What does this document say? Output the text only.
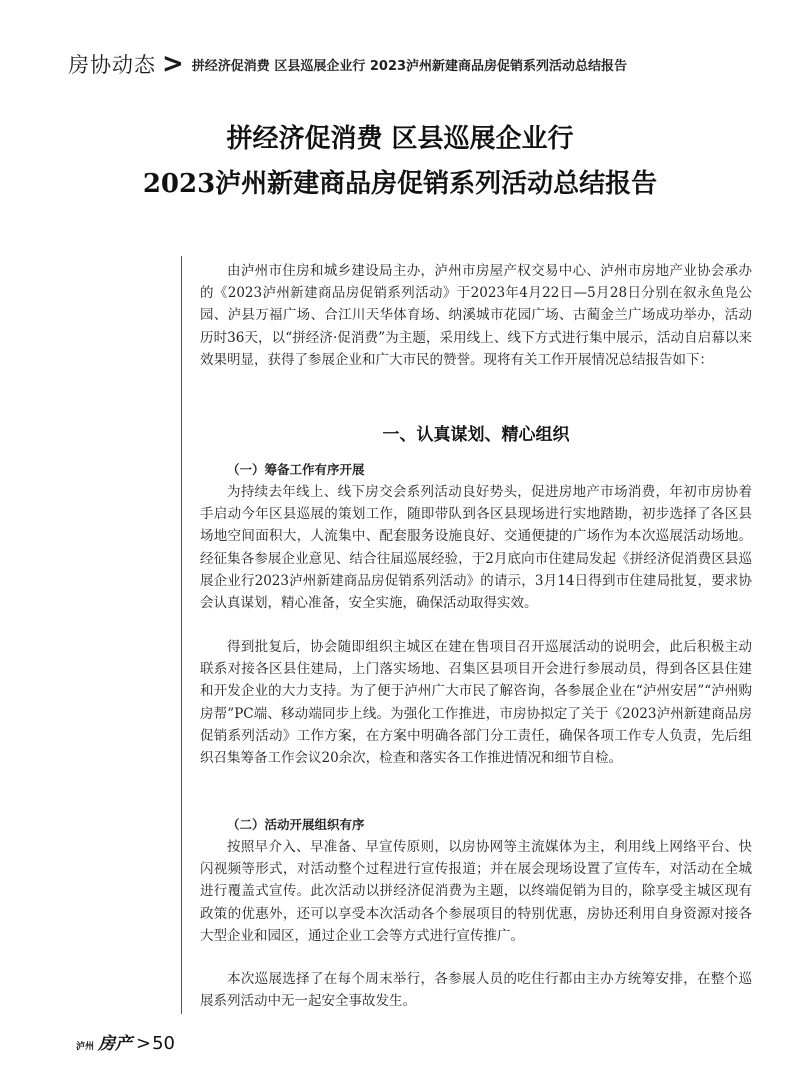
房协动态 > 拼经济促消费 区县巡展企业行 2023泸州新建商品房促销系列活动总结报告
拼经济促消费 区县巡展企业行
2023泸州新建商品房促销系列活动总结报告

由泸州市住房和城乡建设局主办，泸州市房屋产权交易中心、泸州市房地产业协会承办的《2023泸州新建商品房促销系列活动》于2023年4月22日—5月28日分别在叙永鱼凫公园、泸县万福广场、合江川天华体育场、纳溪城市花园广场、古蔺金兰广场成功举办，活动历时36天，以“拼经济·促消费”为主题，采用线上、线下方式进行集中展示，活动自启幕以来效果明显，获得了参展企业和广大市民的赞誉。现将有关工作开展情况总结报告如下：

一、认真谋划、精心组织
（一）筹备工作有序开展

为持续去年线上、线下房交会系列活动良好势头，促进房地产市场消费，年初市房协着手启动今年区县巡展的策划工作，随即带队到各区县现场进行实地踏勘，初步选择了各区县场地空间面积大，人流集中、配套服务设施良好、交通便捷的广场作为本次巡展活动场地。经征集各参展企业意见、结合往届巡展经验，于2月底向市住建局发起《拼经济促消费区县巡展企业行2023泸州新建商品房促销系列活动》的请示，3月14日得到市住建局批复，要求协会认真谋划，精心准备，安全实施，确保活动取得实效。

得到批复后，协会随即组织主城区在建在售项目召开巡展活动的说明会，此后积极主动联系对接各区县住建局，上门落实场地、召集区县项目开会进行参展动员，得到各区县住建和开发企业的大力支持。为了便于泸州广大市民了解咨询，各参展企业在“泸州安居”“泸州购房帮”PC端、移动端同步上线。为强化工作推进，市房协拟定了关于《2023泸州新建商品房促销系列活动》工作方案，在方案中明确各部门分工责任，确保各项工作专人负责，先后组织召集筹备工作会议20余次，检查和落实各工作推进情况和细节自检。

（二）活动开展组织有序

按照早介入、早准备、早宣传原则，以房协网等主流媒体为主，利用线上网络平台、快闪视频等形式，对活动整个过程进行宣传报道；并在展会现场设置了宣传车，对活动在全城进行覆盖式宣传。此次活动以拼经济促消费为主题，以终端促销为目的，除享受主城区现有政策的优惠外，还可以享受本次活动各个参展项目的特别优惠，房协还利用自身资源对接各大型企业和园区，通过企业工会等方式进行宣传推广。

本次巡展选择了在每个周末举行，各参展人员的吃住行都由主办方统筹安排，在整个巡展系列活动中无一起安全事故发生。

泸州 房产 > 50
